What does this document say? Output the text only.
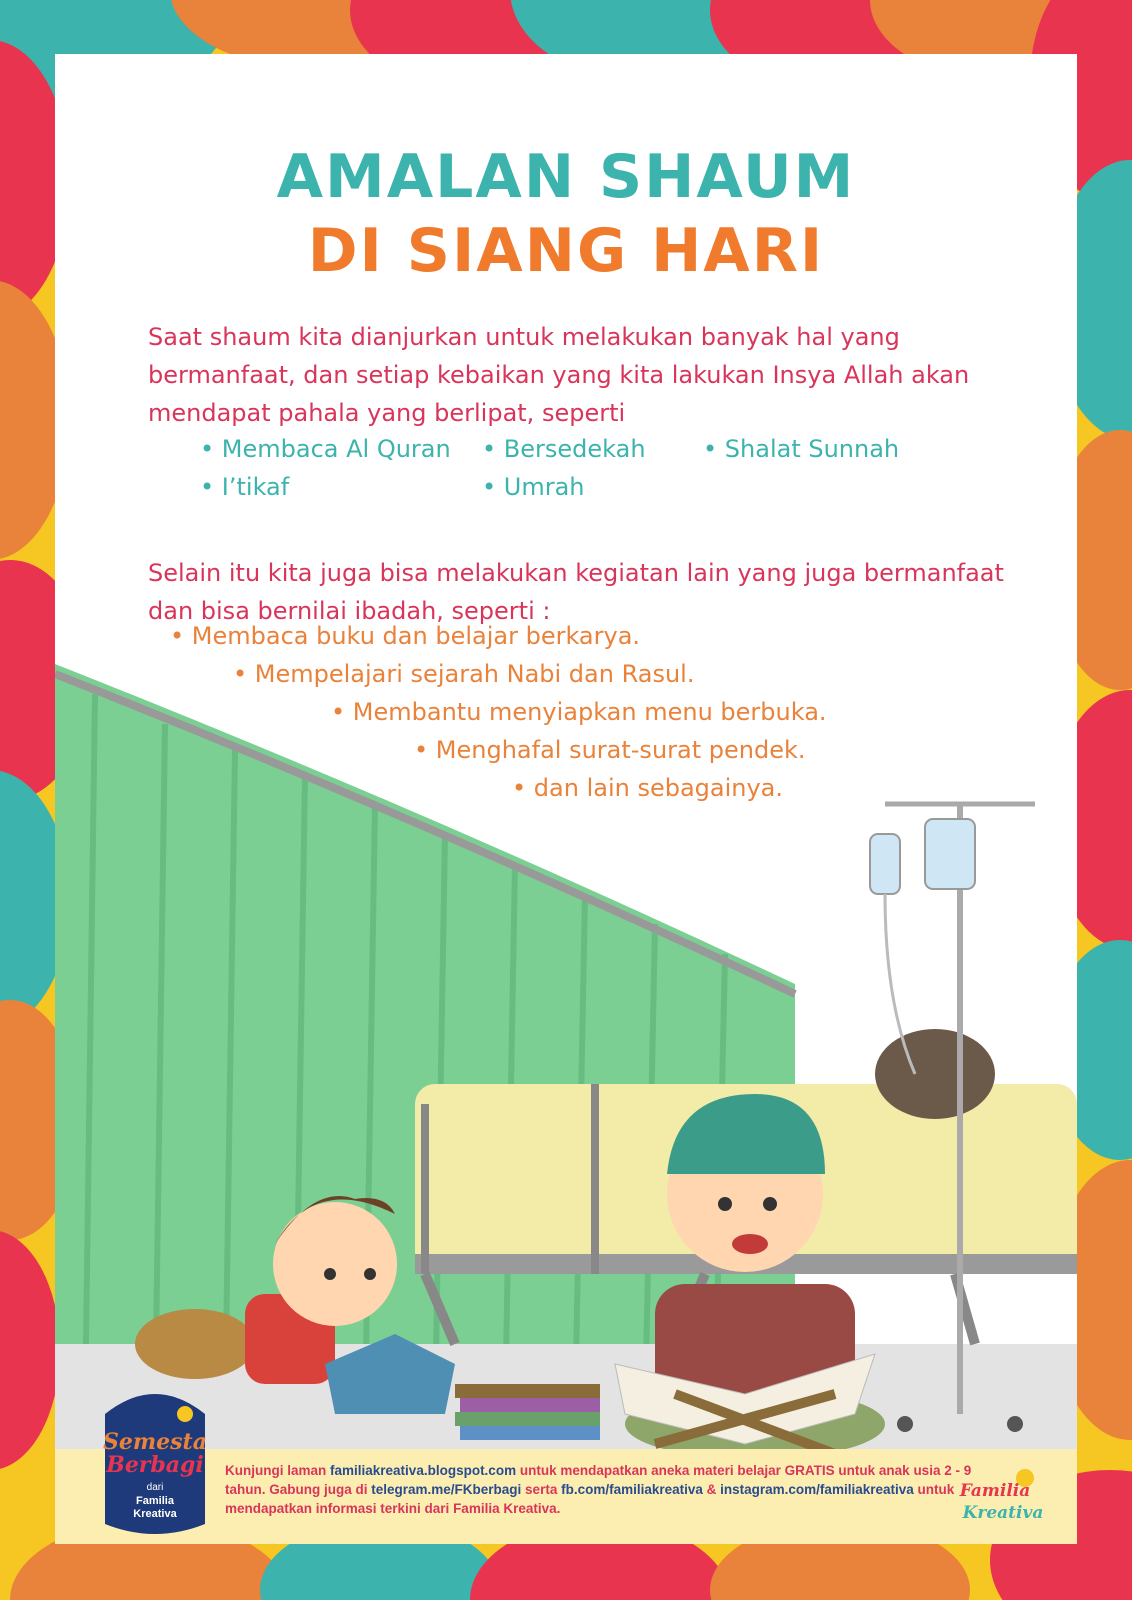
AMALAN SHAUM
DI SIANG HARI

Saat shaum kita dianjurkan untuk melakukan banyak hal yang bermanfaat, dan setiap kebaikan yang kita lakukan Insya Allah akan mendapat pahala yang berlipat, seperti

• Membaca Al Quran • Bersedekah • Shalat Sunnah
• I’tikaf	• Umrah

Selain itu kita juga bisa melakukan kegiatan lain yang juga bermanfaat dan bisa bernilai ibadah, seperti :

• Membaca buku dan belajar berkarya.
• Mempelajari sejarah Nabi dan Rasul.
• Membantu menyiapkan menu berbuka.
• Menghafal surat-surat pendek.
• dan lain sebagainya.
Kunjungi laman familiakreativa.blogspot.com untuk mendapatkan aneka materi belajar GRATIS untuk anak usia 2 - 9 tahun. Gabung juga di telegram.me/FKberbagi serta fb.com/familiakreativa & instagram.com/familiakreativa untuk mendapatkan informasi terkini dari Familia Kreativa.
Semesta
Berbagi
dari
Familia
Kreativa
Familia
Kreativa
